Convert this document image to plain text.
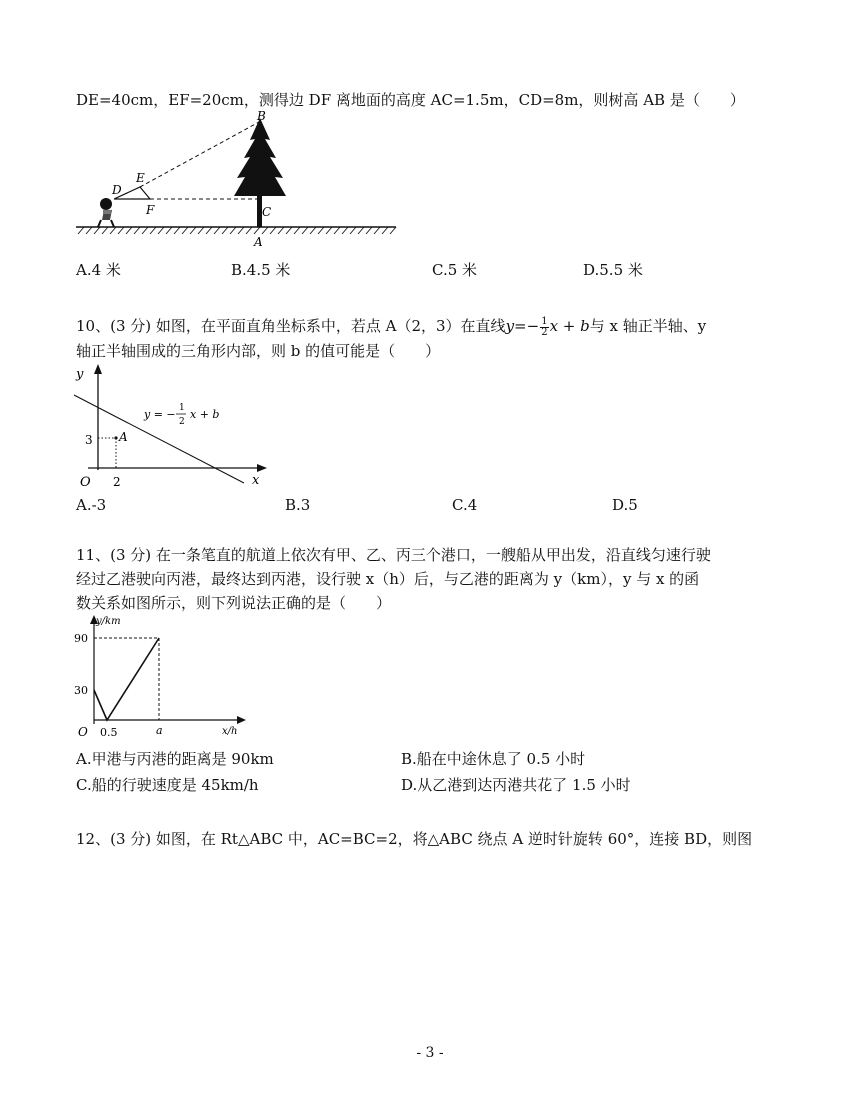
DE=40cm，EF=20cm，测得边 DF 离地面的高度 AC=1.5m，CD=8m，则树高 AB 是（　　）
B
D
E
F	C
A
A.4 米	B.4.5 米	C.5 米	D.5.5 米
10、(3 分) 如图，在平面直角坐标系中，若点 A（2，3）在直线$y=- \frac{1}{2}$ x + b与 x 轴正半轴、y
轴正半轴围成的三角形内部，则 b 的值可能是（　　）
y
x
O 2
3 A
y = − 1
2
x + b
A.-3	B.3	C.4	D.5
11、(3 分) 在一条笔直的航道上依次有甲、乙、丙三个港口，一艘船从甲出发，沿直线匀速行驶
经过乙港驶向丙港，最终达到丙港，设行驶 x（h）后，与乙港的距离为 y（km），y 与 x 的函
数关系如图所示，则下列说法正确的是（　　）
y/km
x/h
O
90
30
0.5	a
A.甲港与丙港的距离是 90km	B.船在中途休息了 0.5 小时
C.船的行驶速度是 45km/h	D.从乙港到达丙港共花了 1.5 小时
12、(3 分) 如图，在 Rt△ABC 中，AC=BC=2，将△ABC 绕点 A 逆时针旋转 60°，连接 BD，则图
- 3 -
